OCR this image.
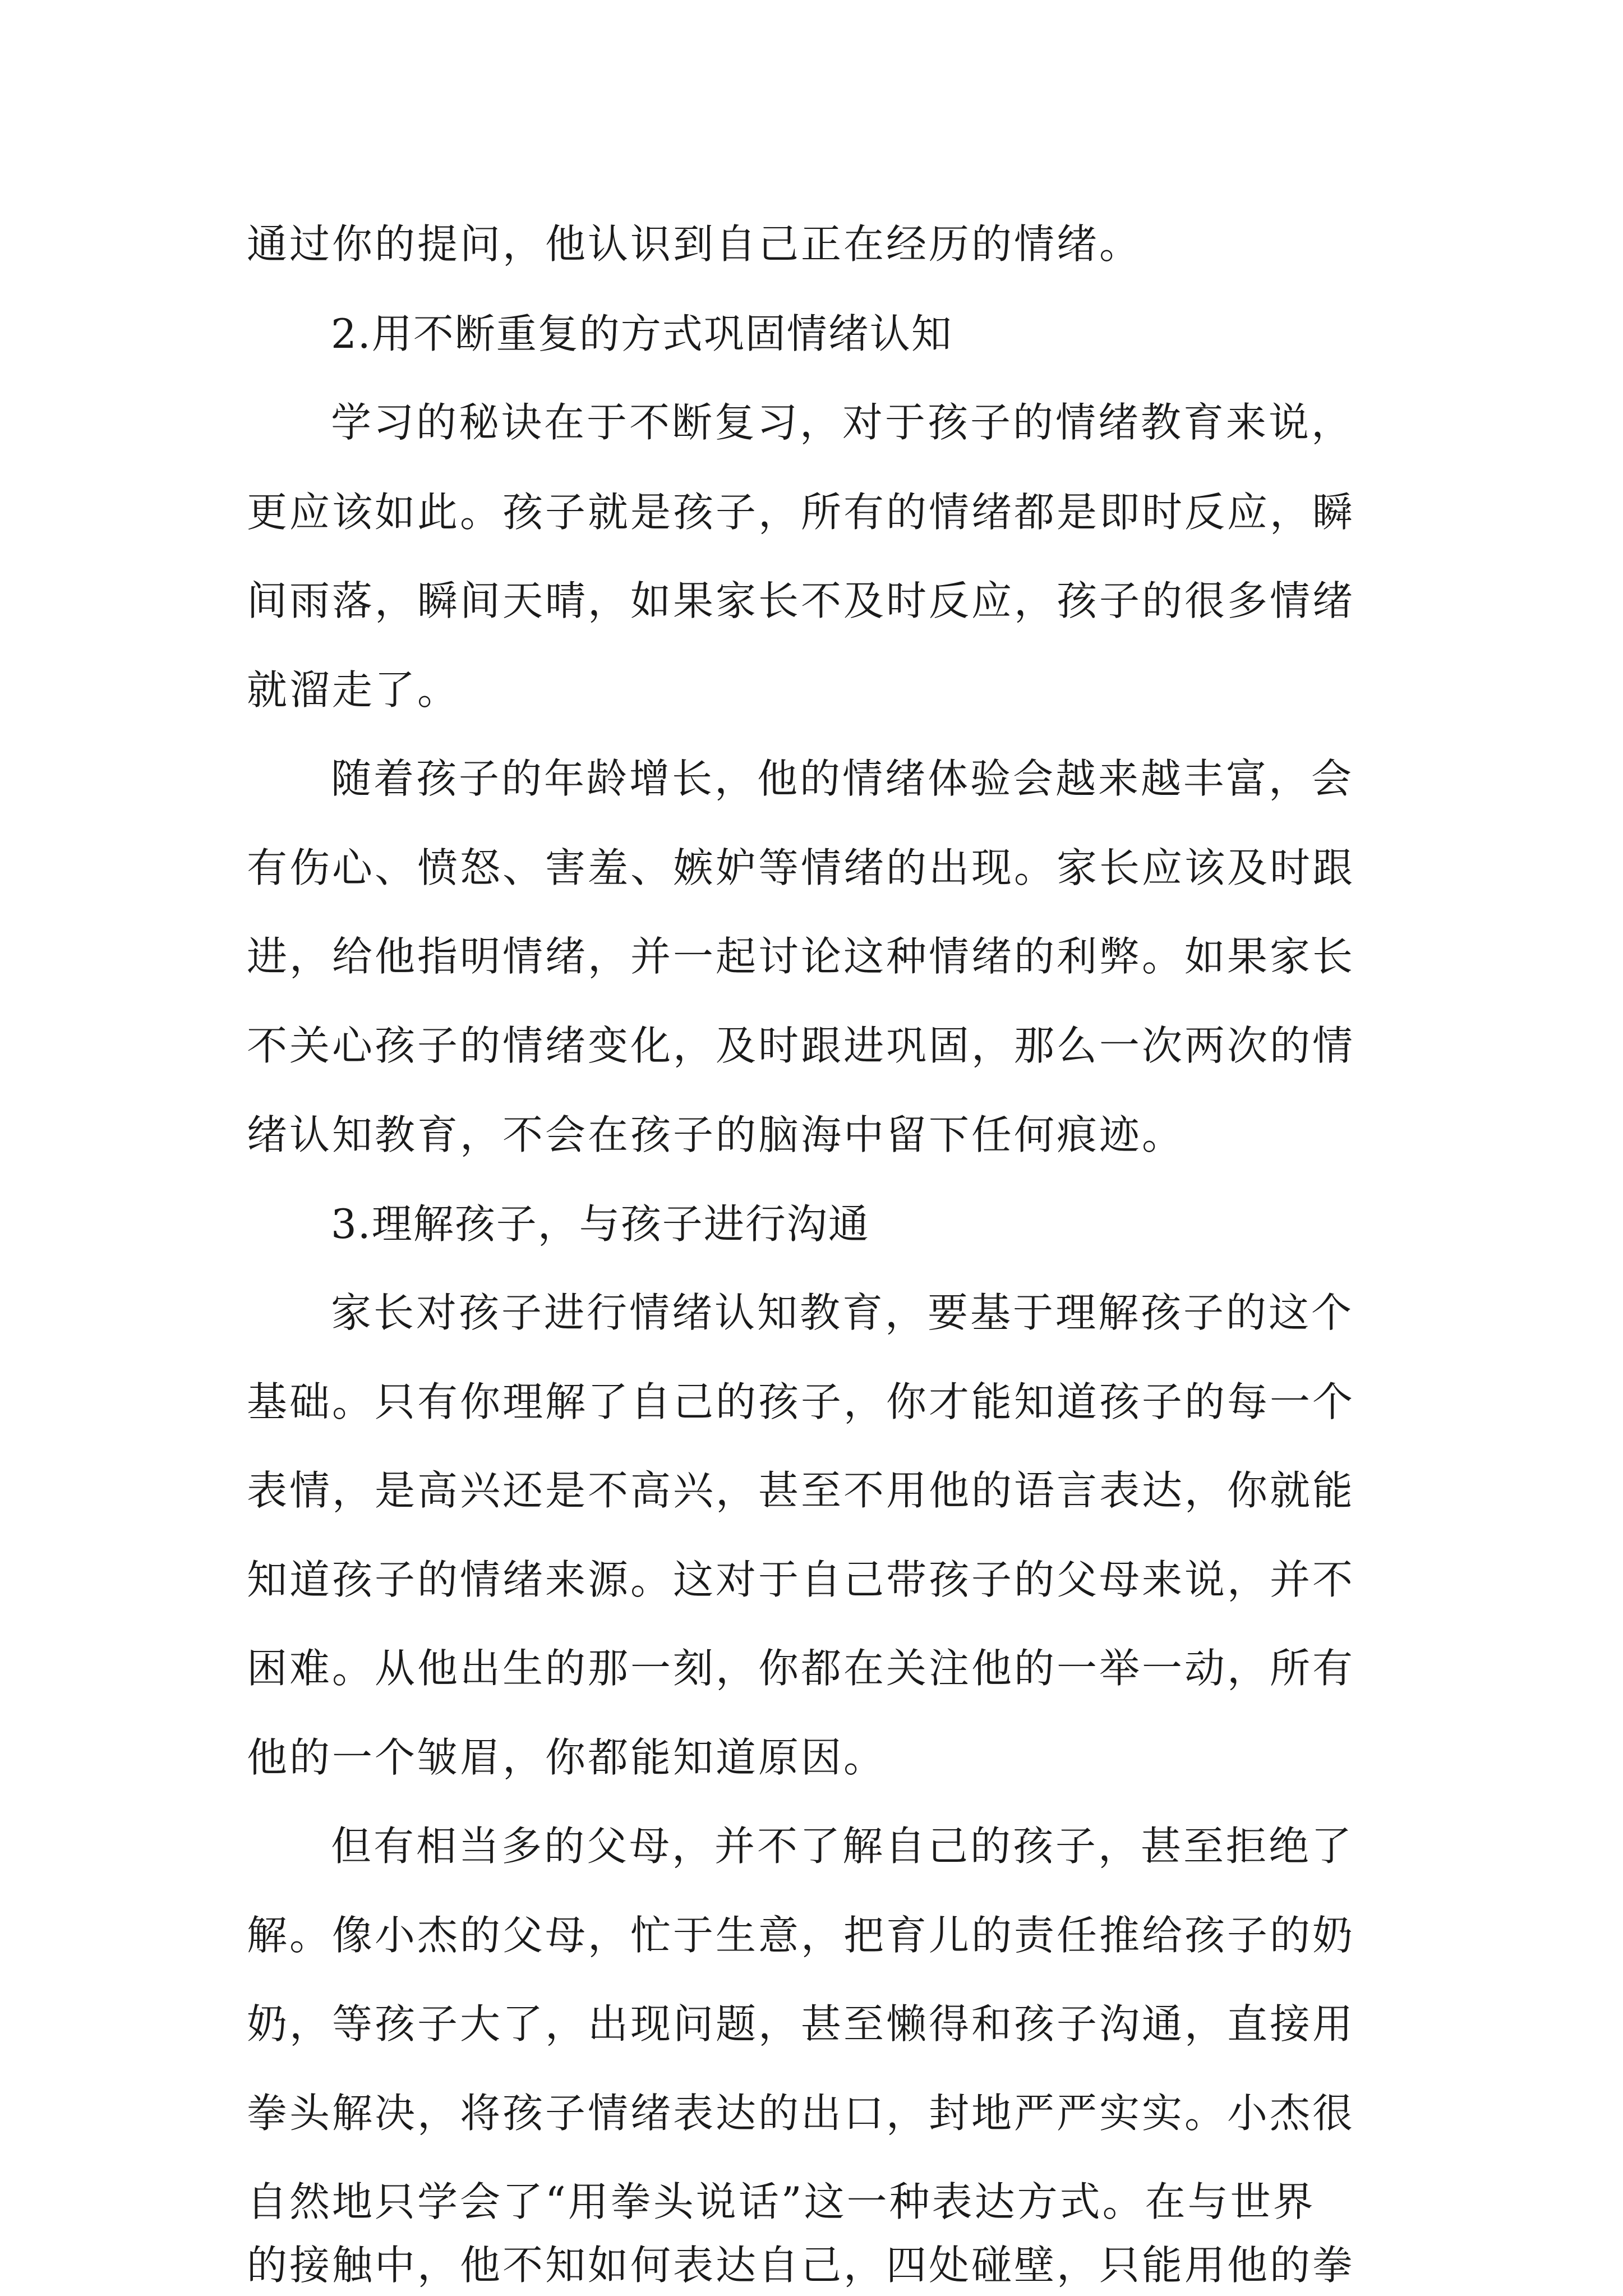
通过你的提问，他认识到自己正在经历的情绪。
2.用不断重复的方式巩固情绪认知
学习的秘诀在于不断复习，对于孩子的情绪教育来说，
更应该如此。孩子就是孩子，所有的情绪都是即时反应，瞬
间雨落，瞬间天晴，如果家长不及时反应，孩子的很多情绪
就溜走了。
随着孩子的年龄增长，他的情绪体验会越来越丰富，会
有伤心、愤怒、害羞、嫉妒等情绪的出现。家长应该及时跟
进，给他指明情绪，并一起讨论这种情绪的利弊。如果家长
不关心孩子的情绪变化，及时跟进巩固，那么一次两次的情
绪认知教育，不会在孩子的脑海中留下任何痕迹。
3.理解孩子，与孩子进行沟通
家长对孩子进行情绪认知教育，要基于理解孩子的这个
基础。只有你理解了自己的孩子，你才能知道孩子的每一个
表情，是高兴还是不高兴，甚至不用他的语言表达，你就能
知道孩子的情绪来源。这对于自己带孩子的父母来说，并不
困难。从他出生的那一刻，你都在关注他的一举一动，所有
他的一个皱眉，你都能知道原因。
但有相当多的父母，并不了解自己的孩子，甚至拒绝了
解。像小杰的父母，忙于生意，把育儿的责任推给孩子的奶
奶，等孩子大了，出现问题，甚至懒得和孩子沟通，直接用
拳头解决，将孩子情绪表达的出口，封地严严实实。小杰很
自然地只学会了“用拳头说话”这一种表达方式。在与世界
的接触中，他不知如何表达自己，四处碰壁，只能用他的拳
